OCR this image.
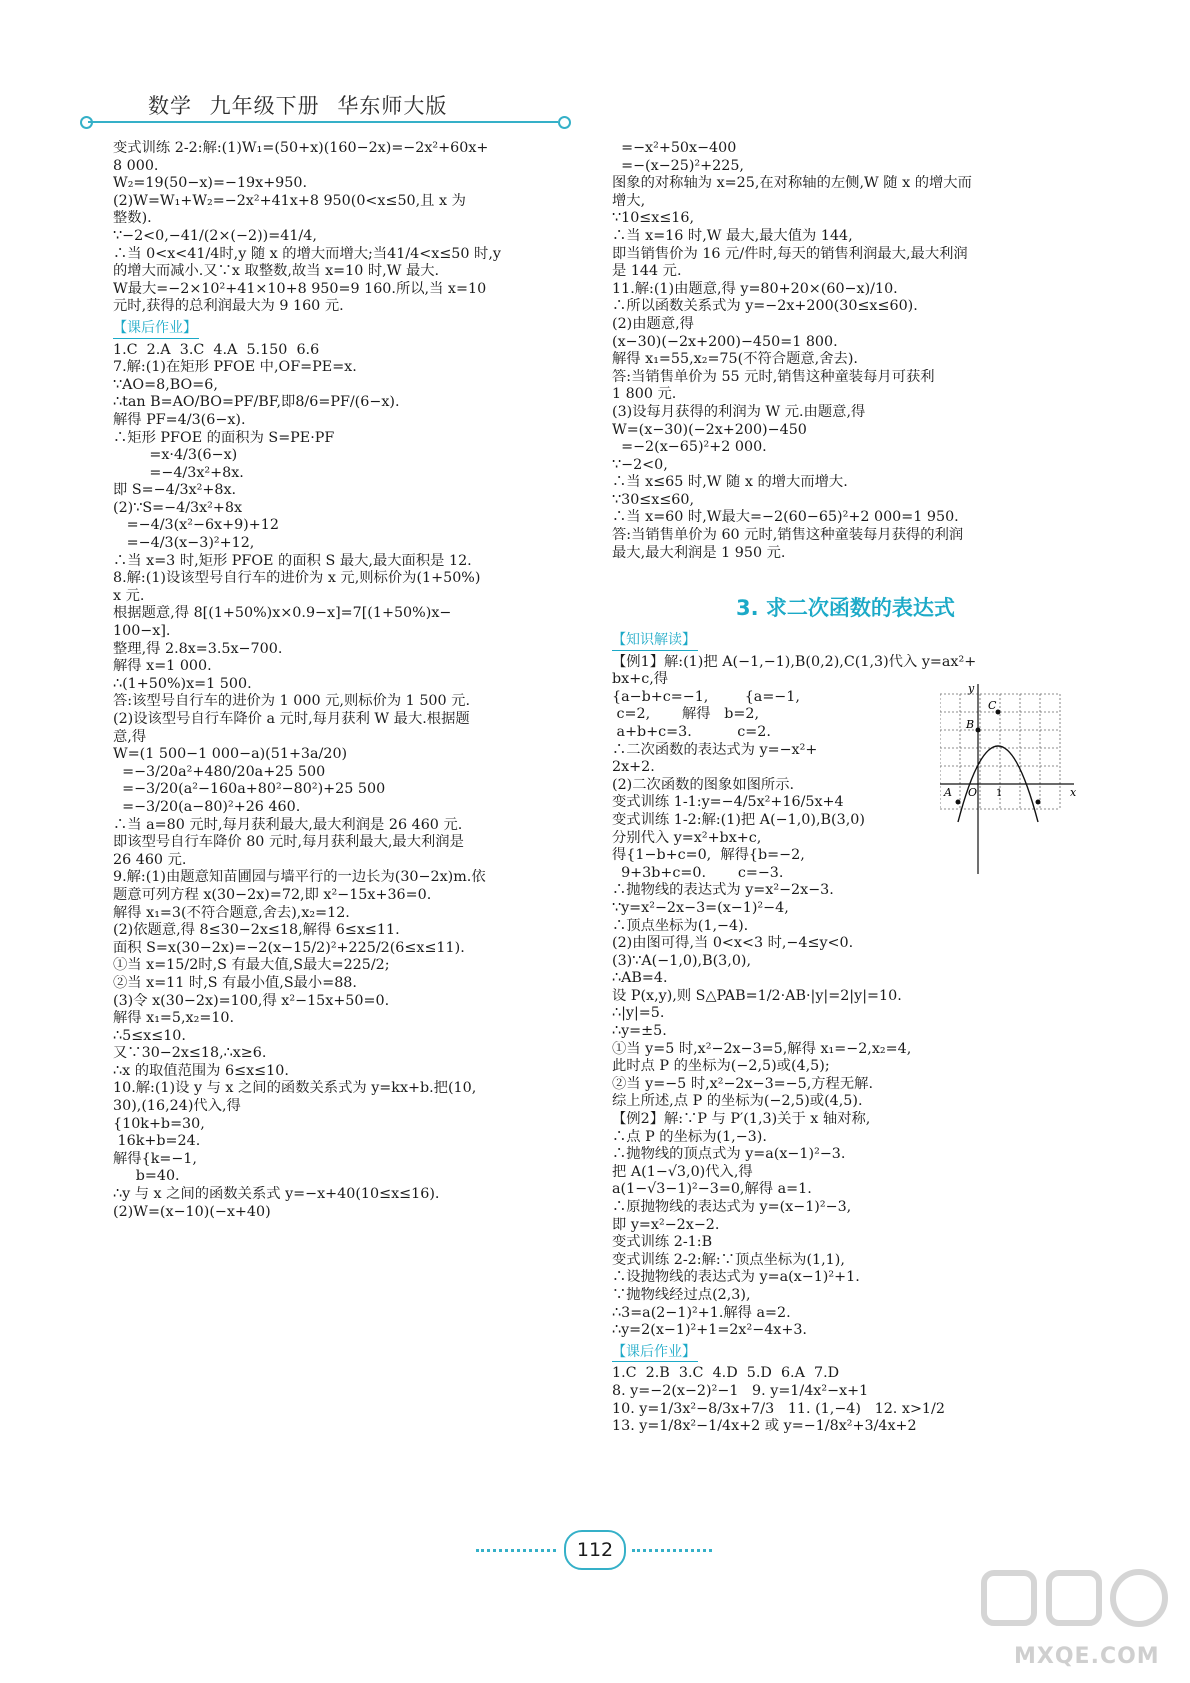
数学 九年级下册 华东师大版
变式训练 2-2:解:(1)W₁=(50+x)(160−2x)=−2x²+60x+
8 000.
W₂=19(50−x)=−19x+950.
(2)W=W₁+W₂=−2x²+41x+8 950(0<x≤50,且 x 为
整数).
∵−2<0,−41/(2×(−2))=41/4,
∴当 0<x<41/4时,y 随 x 的增大而增大;当41/4<x≤50 时,y
的增大而减小.又∵x 取整数,故当 x=10 时,W 最大.
W最大=−2×10²+41×10+8 950=9 160.所以,当 x=10
元时,获得的总利润最大为 9 160 元.
【课后作业】
1.C  2.A  3.C  4.A  5.150  6.6
7.解:(1)在矩形 PFOE 中,OF=PE=x.
∵AO=8,BO=6,
∴tan B=AO/BO=PF/BF,即8/6=PF/(6−x).
解得 PF=4/3(6−x).
∴矩形 PFOE 的面积为 S=PE·PF
=x·4/3(6−x)
=−4/3x²+8x.
即 S=−4/3x²+8x.
(2)∵S=−4/3x²+8x
=−4/3(x²−6x+9)+12
=−4/3(x−3)²+12,
∴当 x=3 时,矩形 PFOE 的面积 S 最大,最大面积是 12.
8.解:(1)设该型号自行车的进价为 x 元,则标价为(1+50%)
x 元.
根据题意,得 8[(1+50%)x×0.9−x]=7[(1+50%)x−
100−x].
整理,得 2.8x=3.5x−700.
解得 x=1 000.
∴(1+50%)x=1 500.
答:该型号自行车的进价为 1 000 元,则标价为 1 500 元.
(2)设该型号自行车降价 a 元时,每月获利 W 最大.根据题
意,得
W=(1 500−1 000−a)(51+3a/20)
=−3/20a²+480/20a+25 500
=−3/20(a²−160a+80²−80²)+25 500
=−3/20(a−80)²+26 460.
∴当 a=80 元时,每月获利最大,最大利润是 26 460 元.
即该型号自行车降价 80 元时,每月获利最大,最大利润是
26 460 元.
9.解:(1)由题意知苗圃园与墙平行的一边长为(30−2x)m.依
题意可列方程 x(30−2x)=72,即 x²−15x+36=0.
解得 x₁=3(不符合题意,舍去),x₂=12.
(2)依题意,得 8≤30−2x≤18,解得 6≤x≤11.
面积 S=x(30−2x)=−2(x−15/2)²+225/2(6≤x≤11).
①当 x=15/2时,S 有最大值,S最大=225/2;
②当 x=11 时,S 有最小值,S最小=88.
(3)令 x(30−2x)=100,得 x²−15x+50=0.
解得 x₁=5,x₂=10.
∴5≤x≤10.
又∵30−2x≤18,∴x≥6.
∴x 的取值范围为 6≤x≤10.
10.解:(1)设 y 与 x 之间的函数关系式为 y=kx+b.把(10,
30),(16,24)代入,得
{10k+b=30,
16k+b=24.
解得{k=−1,
b=40.
∴y 与 x 之间的函数关系式 y=−x+40(10≤x≤16).
(2)W=(x−10)(−x+40)
=−x²+50x−400
=−(x−25)²+225,
图象的对称轴为 x=25,在对称轴的左侧,W 随 x 的增大而
增大,
∵10≤x≤16,
∴当 x=16 时,W 最大,最大值为 144,
即当销售价为 16 元/件时,每天的销售利润最大,最大利润
是 144 元.
11.解:(1)由题意,得 y=80+20×(60−x)/10.
∴所以函数关系式为 y=−2x+200(30≤x≤60).
(2)由题意,得
(x−30)(−2x+200)−450=1 800.
解得 x₁=55,x₂=75(不符合题意,舍去).
答:当销售单价为 55 元时,销售这种童装每月可获利
1 800 元.
(3)设每月获得的利润为 W 元.由题意,得
W=(x−30)(−2x+200)−450
=−2(x−65)²+2 000.
∵−2<0,
∴当 x≤65 时,W 随 x 的增大而增大.
∵30≤x≤60,
∴当 x=60 时,W最大=−2(60−65)²+2 000=1 950.
答:当销售单价为 60 元时,销售这种童装每月获得的利润
最大,最大利润是 1 950 元.
3. 求二次函数的表达式
【知识解读】
【例1】解:(1)把 A(−1,−1),B(0,2),C(1,3)代入 y=ax²+
bx+c,得
{a−b+c=−1,        {a=−1,
c=2,       解得   b=2,
a+b+c=3.          c=2.
∴二次函数的表达式为 y=−x²+
2x+2.
(2)二次函数的图象如图所示.
变式训练 1-1:y=−4/5x²+16/5x+4
变式训练 1-2:解:(1)把 A(−1,0),B(3,0)
分别代入 y=x²+bx+c,
得{1−b+c=0,  解得{b=−2,
9+3b+c=0.       c=−3.
∴抛物线的表达式为 y=x²−2x−3.
∵y=x²−2x−3=(x−1)²−4,
∴顶点坐标为(1,−4).
(2)由图可得,当 0<x<3 时,−4≤y<0.
(3)∵A(−1,0),B(3,0),
∴AB=4.
设 P(x,y),则 S△PAB=1/2·AB·|y|=2|y|=10.
∴|y|=5.
∴y=±5.
①当 y=5 时,x²−2x−3=5,解得 x₁=−2,x₂=4,
此时点 P 的坐标为(−2,5)或(4,5);
②当 y=−5 时,x²−2x−3=−5,方程无解.
综上所述,点 P 的坐标为(−2,5)或(4,5).
【例2】解:∵P 与 P′(1,3)关于 x 轴对称,
∴点 P 的坐标为(1,−3).
∴抛物线的顶点式为 y=a(x−1)²−3.
把 A(1−√3,0)代入,得
a(1−√3−1)²−3=0,解得 a=1.
∴原抛物线的表达式为 y=(x−1)²−3,
即 y=x²−2x−2.
变式训练 2-1:B
变式训练 2-2:解:∵顶点坐标为(1,1),
∴设抛物线的表达式为 y=a(x−1)²+1.
∵抛物线经过点(2,3),
∴3=a(2−1)²+1.解得 a=2.
∴y=2(x−1)²+1=2x²−4x+3.
【课后作业】
1.C  2.B  3.C  4.D  5.D  6.A  7.D
8. y=−2(x−2)²−1   9. y=1/4x²−x+1
10. y=1/3x²−8/3x+7/3   11. (1,−4)   12. x>1/2
13. y=1/8x²−1/4x+2 或 y=−1/8x²+3/4x+2
y
x
O 1
A
B
C
112
MXQE.COM
